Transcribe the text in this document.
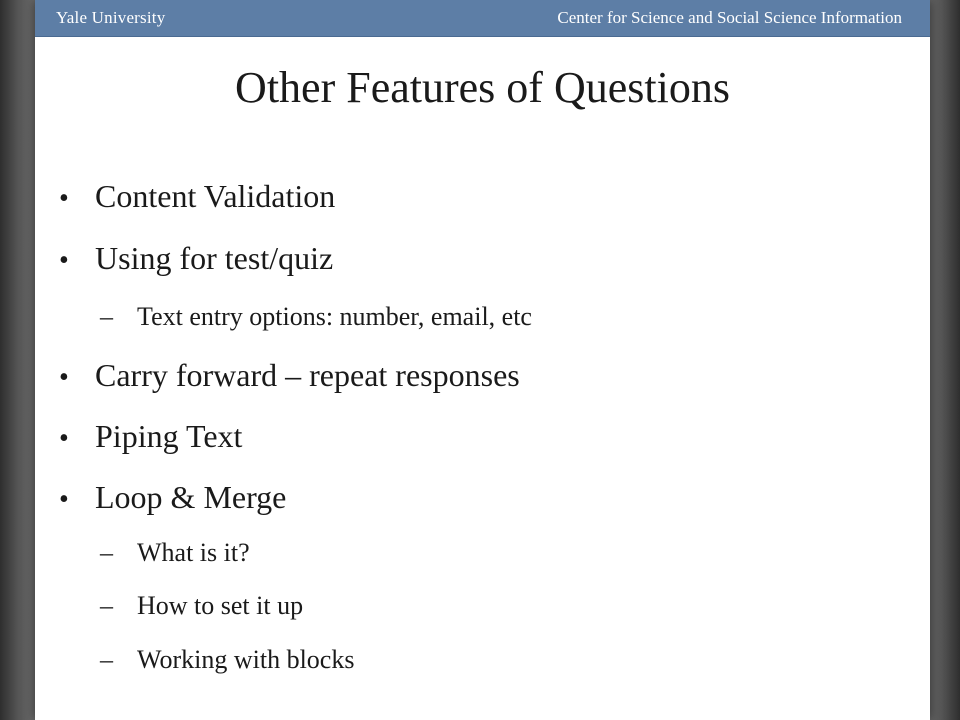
Yale University	Center for Science and Social Science Information
Other Features of Questions
• Content Validation
• Using for test/quiz
– Text entry options: number, email, etc
• Carry forward – repeat responses
• Piping Text
• Loop & Merge
– What is it?
– How to set it up
– Working with blocks
